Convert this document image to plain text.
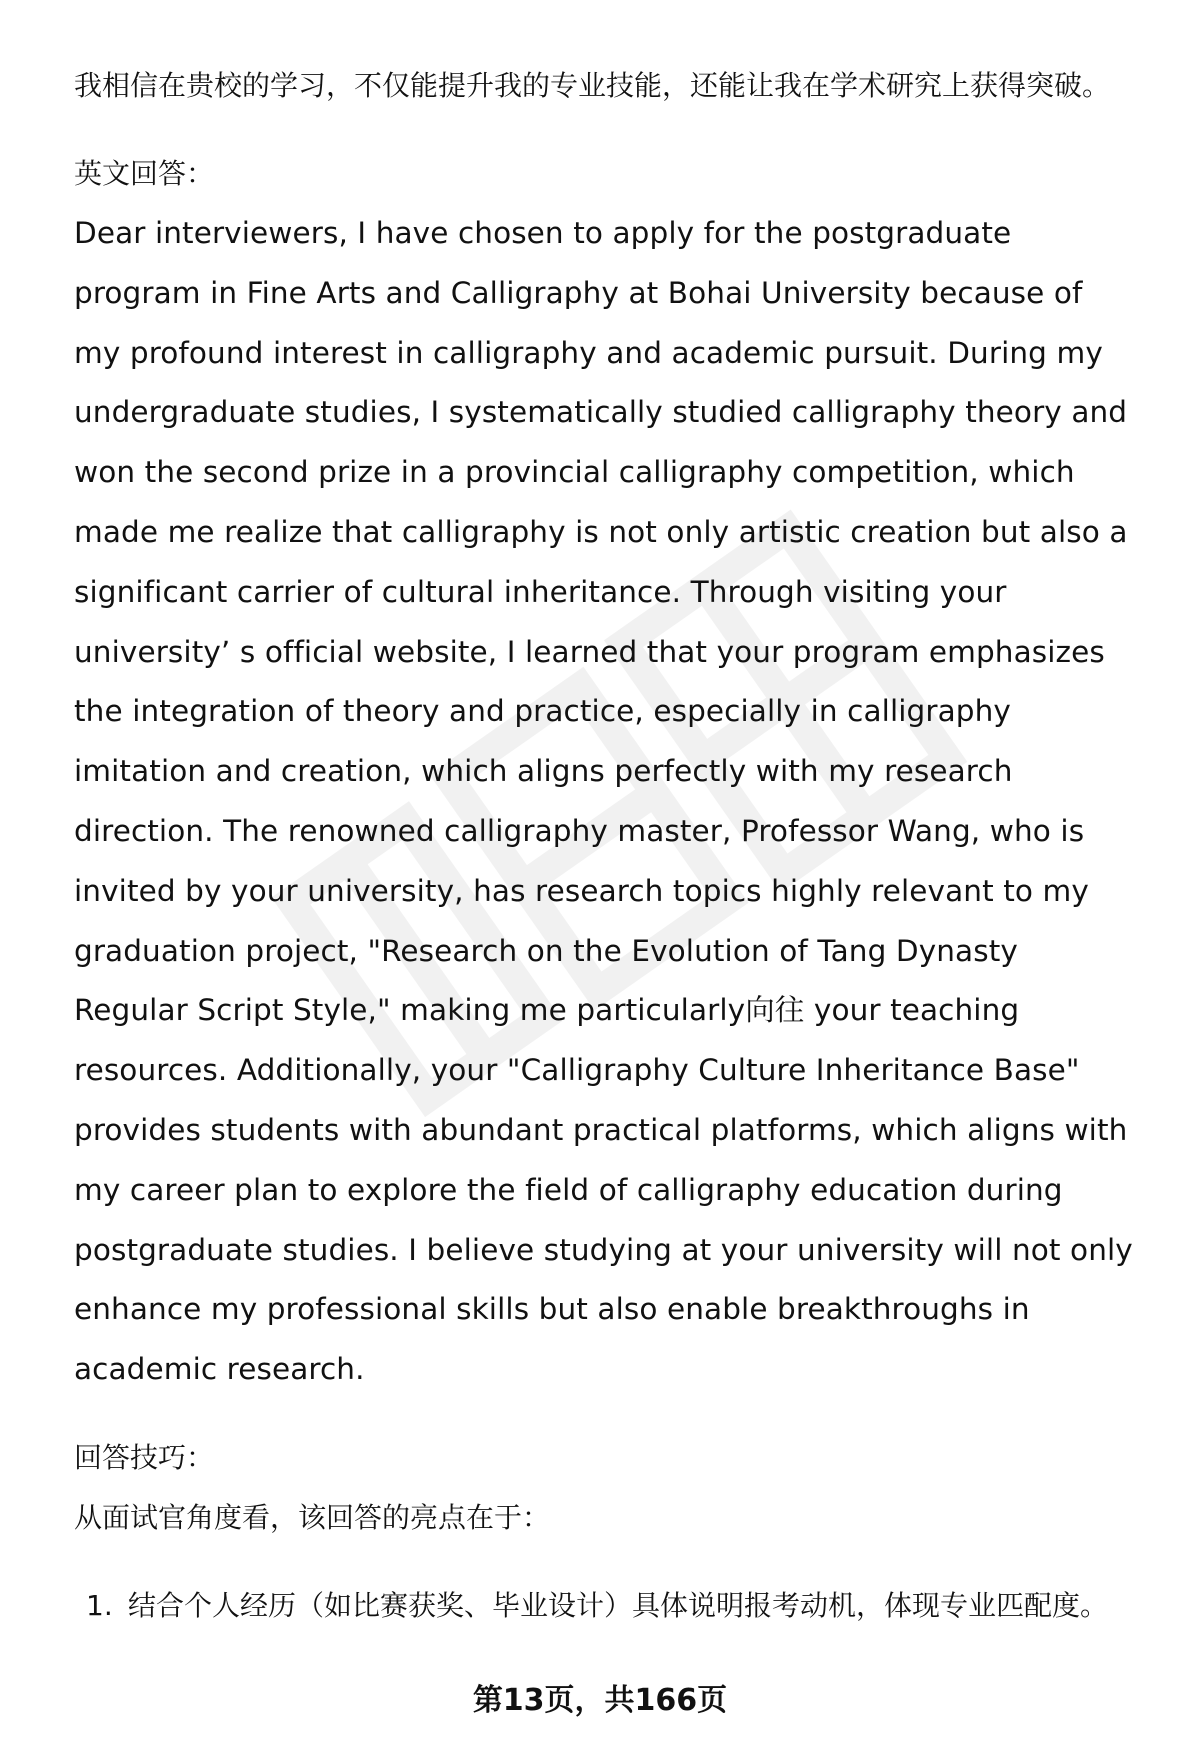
我相信在贵校的学习，不仅能提升我的专业技能，还能让我在学术研究上获得突破。

英文回答：

Dear interviewers, I have chosen to apply for the postgraduate program in Fine Arts and Calligraphy at Bohai University because of my profound interest in calligraphy and academic pursuit. During my undergraduate studies, I systematically studied calligraphy theory and won the second prize in a provincial calligraphy competition, which made me realize that calligraphy is not only artistic creation but also a significant carrier of cultural inheritance. Through visiting your university’ s official website, I learned that your program emphasizes the integration of theory and practice, especially in calligraphy imitation and creation, which aligns perfectly with my research direction. The renowned calligraphy master, Professor Wang, who is invited by your university, has research topics highly relevant to my graduation project, "Research on the Evolution of Tang Dynasty Regular Script Style," making me particularly向往 your teaching resources. Additionally, your "Calligraphy Culture Inheritance Base" provides students with abundant practical platforms, which aligns with my career plan to explore the field of calligraphy education during postgraduate studies. I believe studying at your university will not only enhance my professional skills but also enable breakthroughs in academic research.

回答技巧：

从面试官角度看，该回答的亮点在于：

1. 结合个人经历（如比赛获奖、毕业设计）具体说明报考动机，体现专业匹配度。
第13页，共166页
